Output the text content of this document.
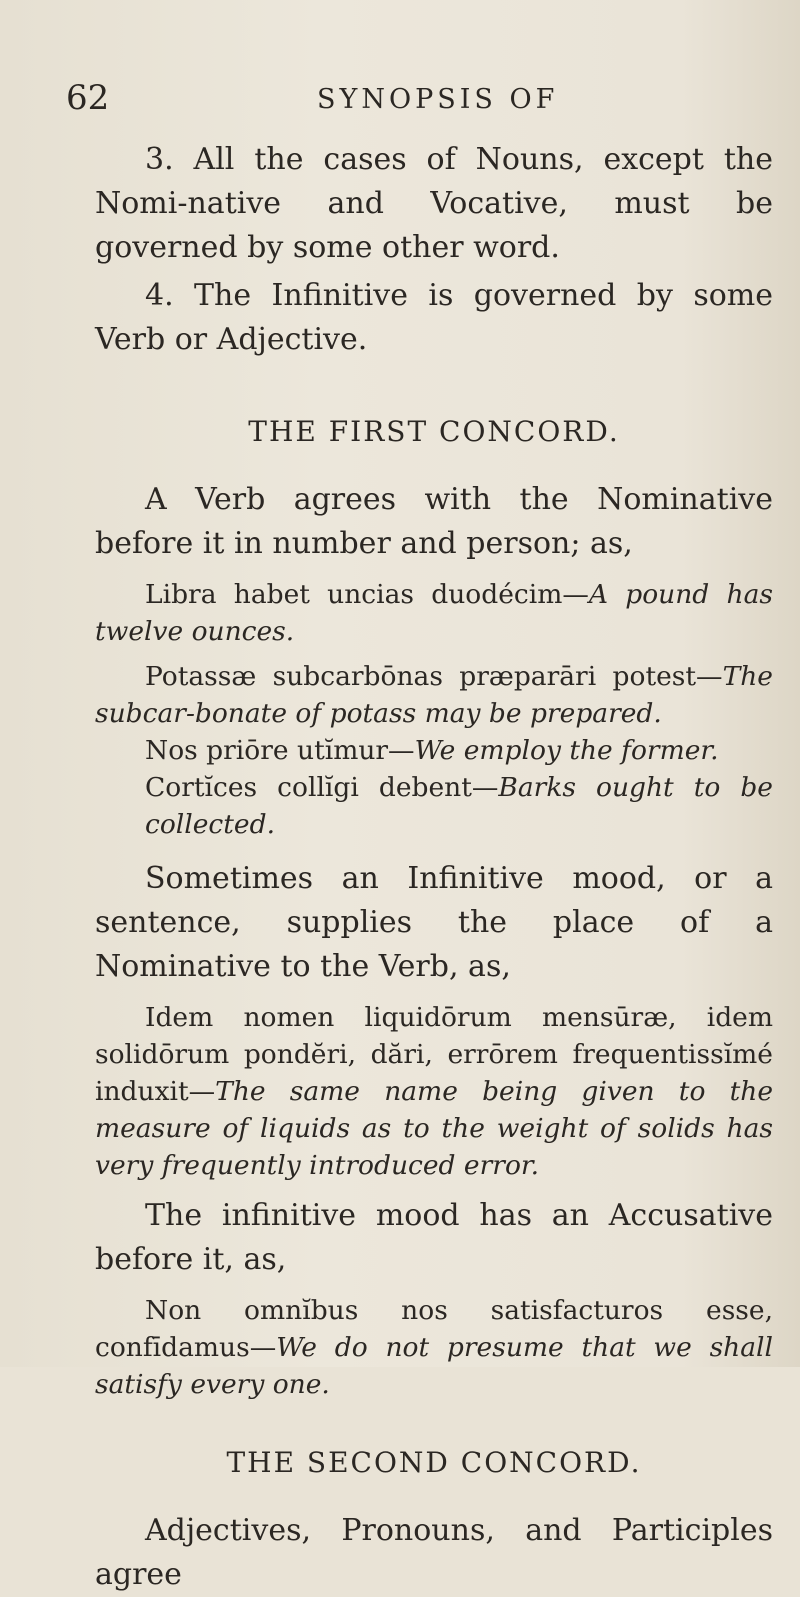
62	SYNOPSIS OF

3. All the cases of Nouns, except the Nomi-native and Vocative, must be governed by some other word.

4. The Infinitive is governed by some Verb or Adjective.

THE FIRST CONCORD.

A Verb agrees with the Nominative before it in number and person; as,

Libra habet uncias duodécim—A pound has twelve ounces.

Potassæ subcarbōnas præparāri potest—The subcar-bonate of potass may be prepared.

Nos priōre utĭmur—We employ the former.

Cortĭces collĭgi debent—Barks ought to be collected.

Sometimes an Infinitive mood, or a sentence, supplies the place of a Nominative to the Verb, as,

Idem nomen liquidōrum mensūræ, idem solidōrum pondĕri, dări, errōrem frequentissĭmé induxit—The same name being given to the measure of liquids as to the weight of solids has very frequently introduced error.

The infinitive mood has an Accusative before it, as,

Non omnĭbus nos satisfacturos esse, confīdamus—We do not presume that we shall satisfy every one.

THE SECOND CONCORD.

Adjectives, Pronouns, and Participles agree
